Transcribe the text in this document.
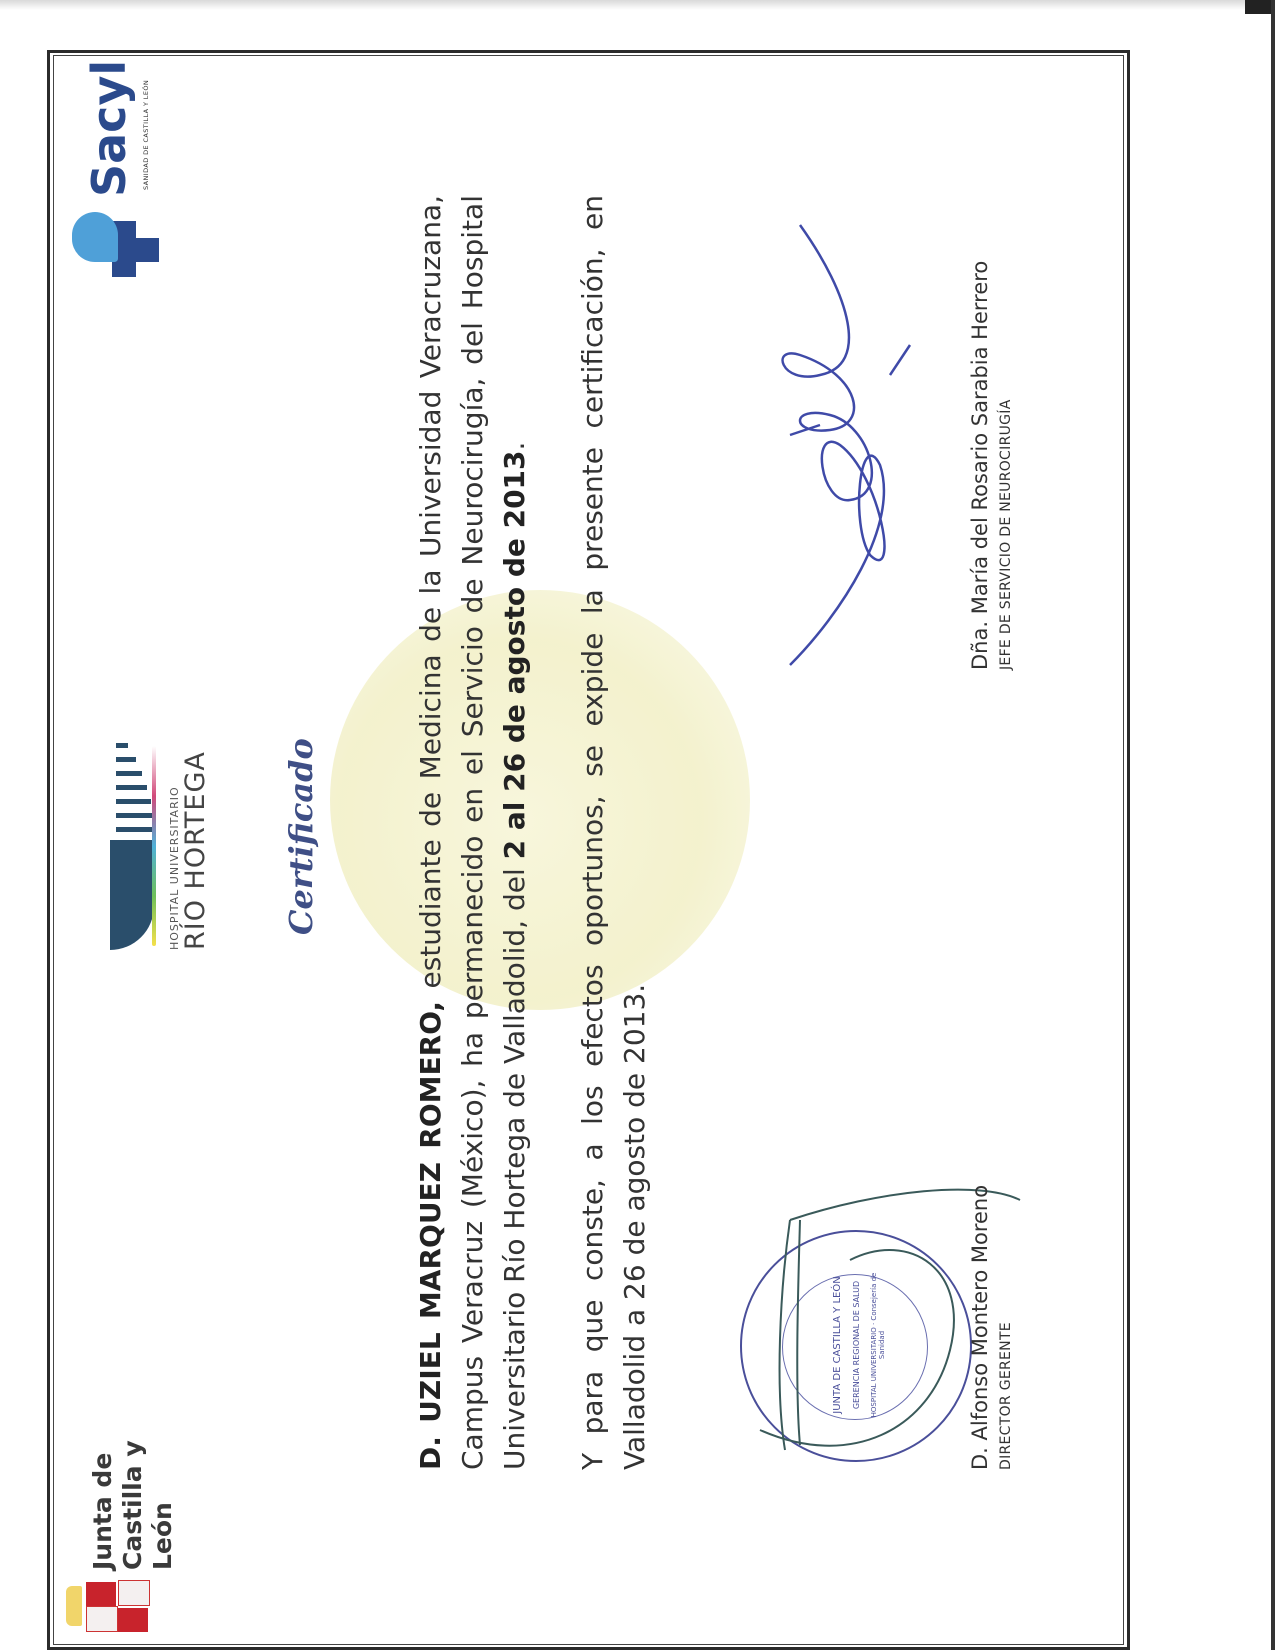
Junta de Castilla y León
HOSPITAL UNIVERSITARIO RÍO HORTEGA
Sacyl SANIDAD DE CASTILLA Y LEÓN
Certificado

D. UZIEL MARQUEZ ROMERO, estudiante de Medicina de la Universidad Veracruzana, Campus Veracruz (México), ha permanecido en el Servicio de Neurocirugía, del Hospital Universitario Río Hortega de Valladolid, del 2 al 26 de agosto de 2013. Y para que conste, a los efectos oportunos, se expide la presente certificación, en Valladolid a 26 de agosto de 2013.	JUNTA DE CASTILLA Y LEÓN GERENCIA REGIONAL DE SALUD HOSPITAL UNIVERSITARIO · Consejería de Sanidad	D. Alfonso Montero Moreno DIRECTOR GERENTE
Dña. María del Rosario Sarabia Herrero JEFE DE SERVICIO DE NEUROCIRUGÍA
